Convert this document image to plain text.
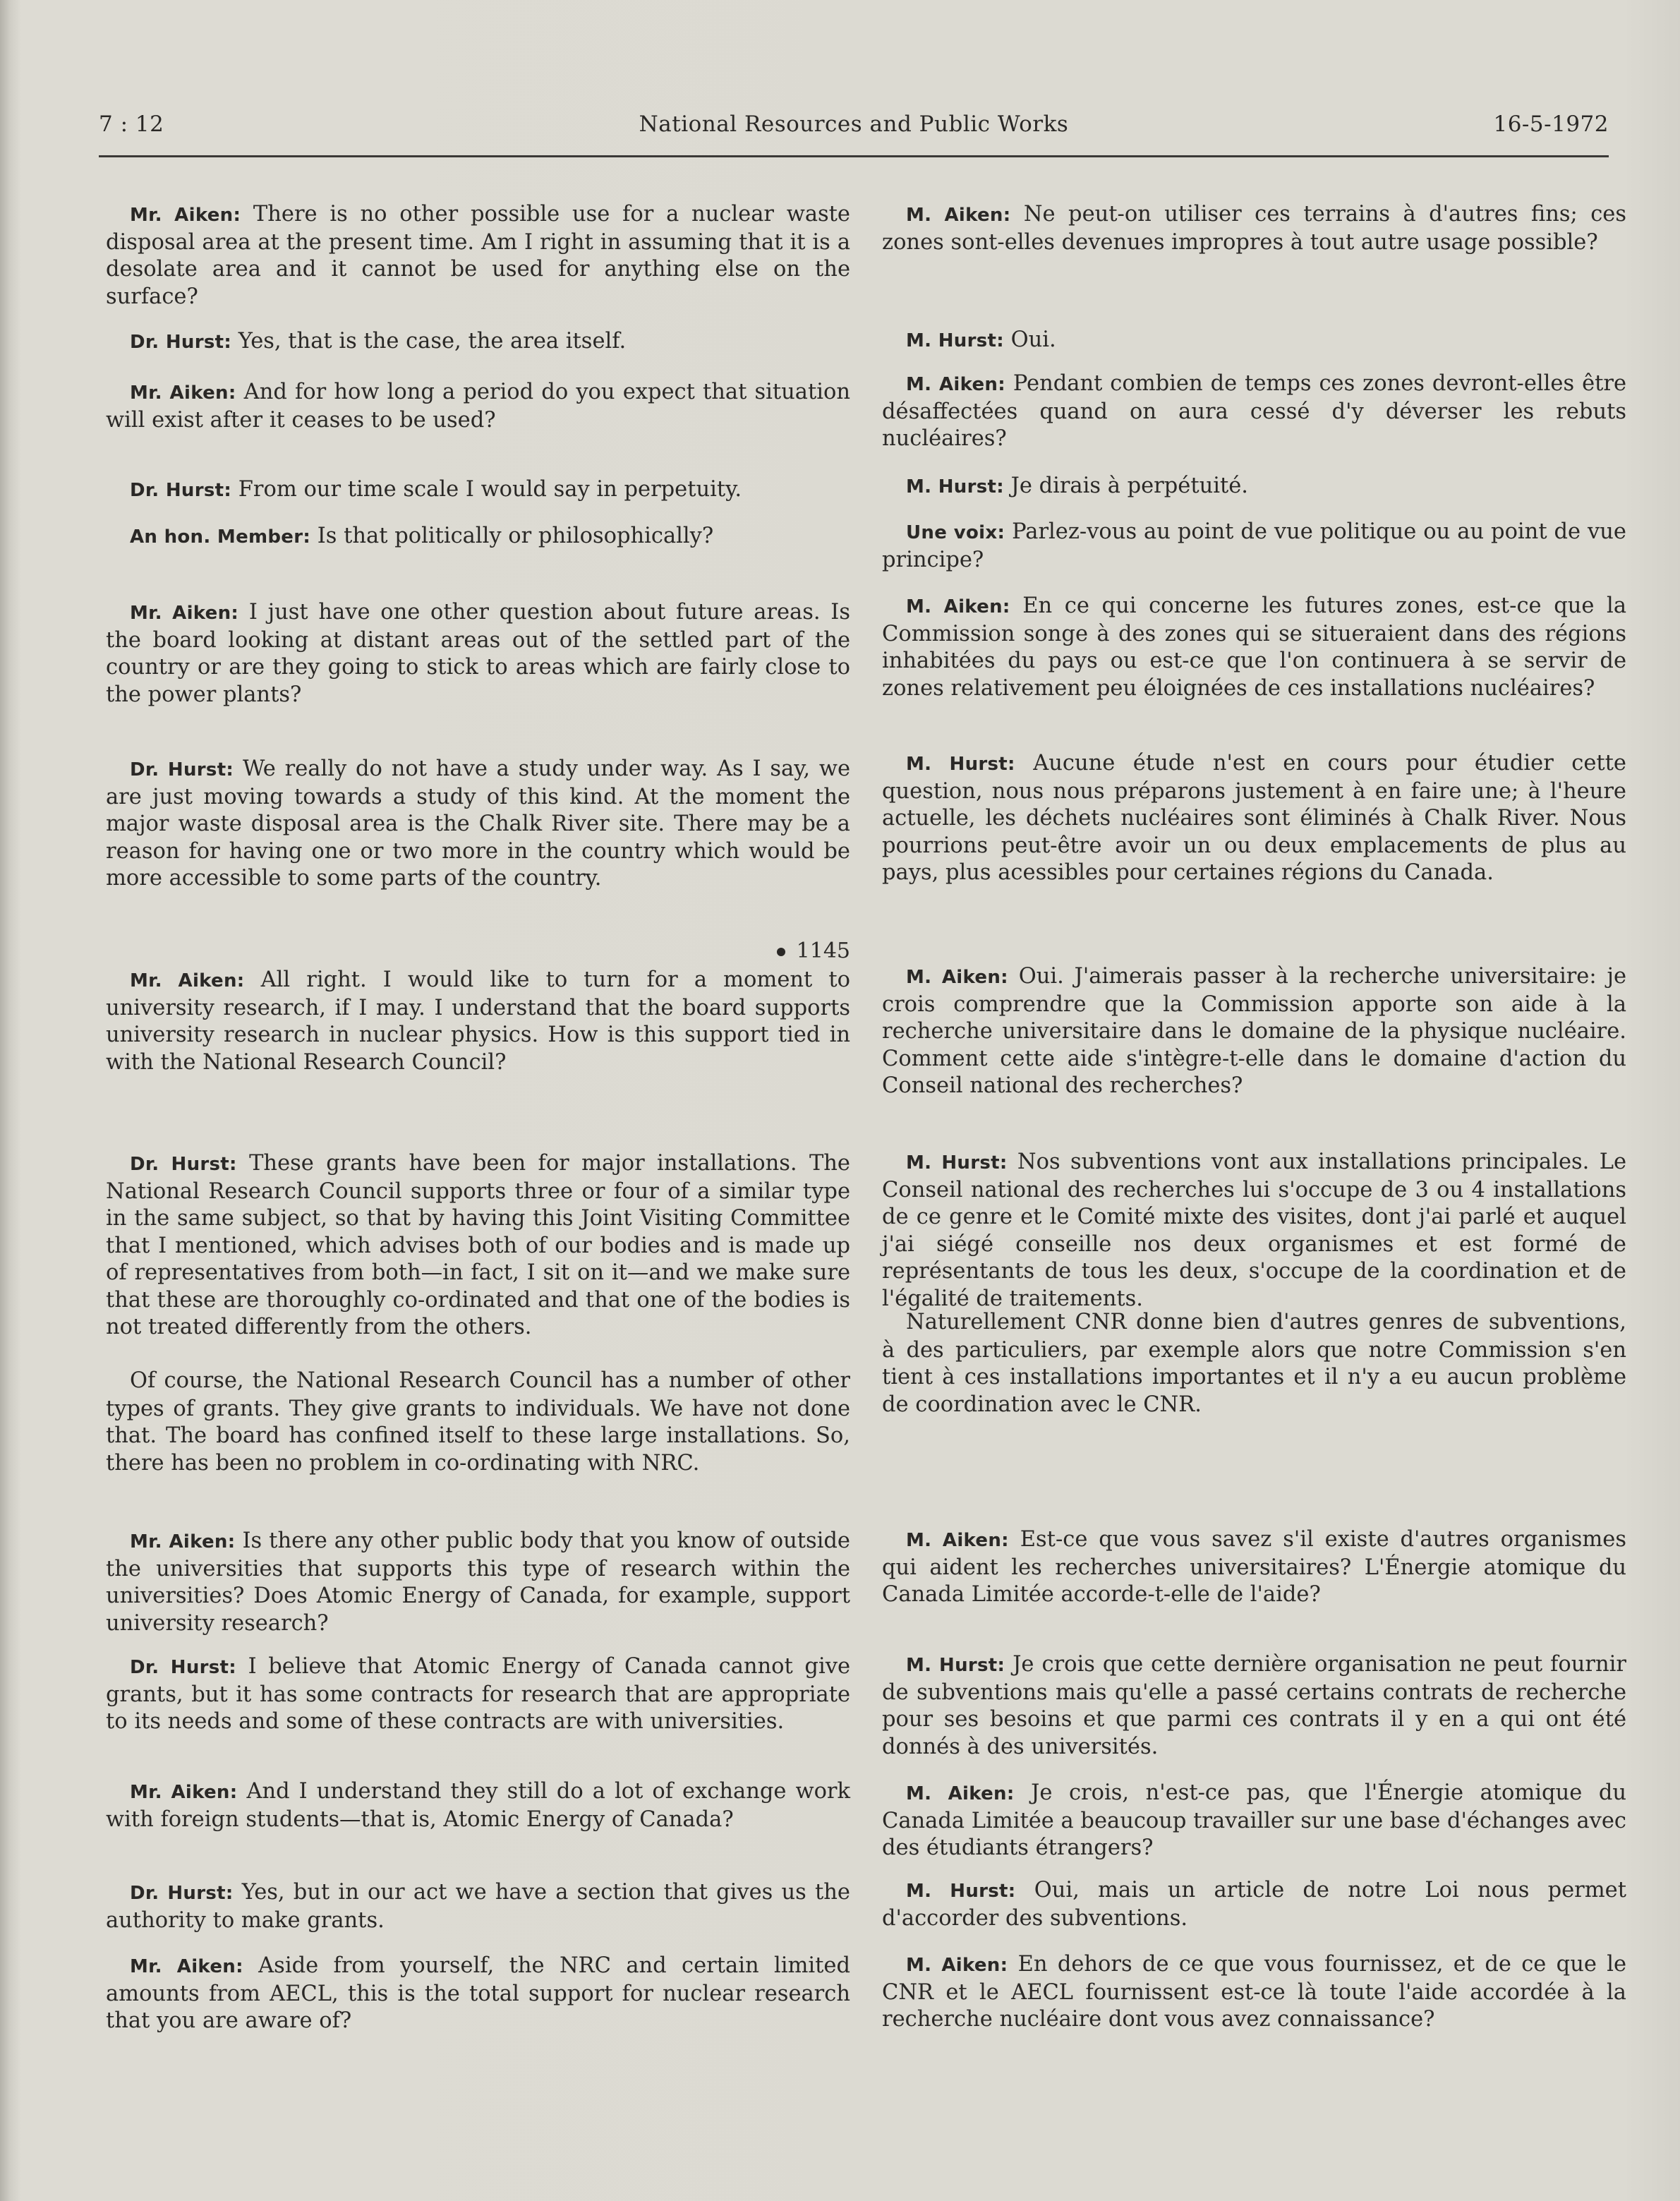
7 : 12	National Resources and Public Works	16-5-1972

Mr. Aiken: There is no other possible use for a nuclear waste disposal area at the present time. Am I right in assuming that it is a desolate area and it cannot be used for anything else on the surface?

Dr. Hurst: Yes, that is the case, the area itself.

Mr. Aiken: And for how long a period do you expect that situation will exist after it ceases to be used?

Dr. Hurst: From our time scale I would say in perpetuity.

An hon. Member: Is that politically or philosophically?

Mr. Aiken: I just have one other question about future areas. Is the board looking at distant areas out of the settled part of the country or are they going to stick to areas which are fairly close to the power plants?

Dr. Hurst: We really do not have a study under way. As I say, we are just moving towards a study of this kind. At the moment the major waste disposal area is the Chalk River site. There may be a reason for having one or two more in the country which would be more accessible to some parts of the country.

1145

Mr. Aiken: All right. I would like to turn for a moment to university research, if I may. I understand that the board supports university research in nuclear physics. How is this support tied in with the National Research Council?

Dr. Hurst: These grants have been for major installations. The National Research Council supports three or four of a similar type in the same subject, so that by having this Joint Visiting Committee that I mentioned, which advises both of our bodies and is made up of representatives from both—in fact, I sit on it—and we make sure that these are thoroughly co-ordinated and that one of the bodies is not treated differently from the others.

Of course, the National Research Council has a number of other types of grants. They give grants to individuals. We have not done that. The board has confined itself to these large installations. So, there has been no problem in co-ordinating with NRC.

Mr. Aiken: Is there any other public body that you know of outside the universities that supports this type of research within the universities? Does Atomic Energy of Canada, for example, support university research?

Dr. Hurst: I believe that Atomic Energy of Canada cannot give grants, but it has some contracts for research that are appropriate to its needs and some of these contracts are with universities.

Mr. Aiken: And I understand they still do a lot of exchange work with foreign students—that is, Atomic Energy of Canada?

Dr. Hurst: Yes, but in our act we have a section that gives us the authority to make grants.

Mr. Aiken: Aside from yourself, the NRC and certain limited amounts from AECL, this is the total support for nuclear research that you are aware of?

M. Aiken: Ne peut-on utiliser ces terrains à d'autres fins; ces zones sont-elles devenues impropres à tout autre usage possible?

M. Hurst: Oui.

M. Aiken: Pendant combien de temps ces zones devront-elles être désaffectées quand on aura cessé d'y déverser les rebuts nucléaires?

M. Hurst: Je dirais à perpétuité.

Une voix: Parlez-vous au point de vue politique ou au point de vue principe?

M. Aiken: En ce qui concerne les futures zones, est-ce que la Commission songe à des zones qui se situeraient dans des régions inhabitées du pays ou est-ce que l'on continuera à se servir de zones relativement peu éloignées de ces installations nucléaires?

M. Hurst: Aucune étude n'est en cours pour étudier cette question, nous nous préparons justement à en faire une; à l'heure actuelle, les déchets nucléaires sont éliminés à Chalk River. Nous pourrions peut-être avoir un ou deux emplacements de plus au pays, plus acessibles pour certaines régions du Canada.

M. Aiken: Oui. J'aimerais passer à la recherche universitaire: je crois comprendre que la Commission apporte son aide à la recherche universitaire dans le domaine de la physique nucléaire. Comment cette aide s'intègre-t-elle dans le domaine d'action du Conseil national des recherches?

M. Hurst: Nos subventions vont aux installations principales. Le Conseil national des recherches lui s'occupe de 3 ou 4 installations de ce genre et le Comité mixte des visites, dont j'ai parlé et auquel j'ai siégé conseille nos deux organismes et est formé de représentants de tous les deux, s'occupe de la coordination et de l'égalité de traitements.

Naturellement CNR donne bien d'autres genres de subventions, à des particuliers, par exemple alors que notre Commission s'en tient à ces installations importantes et il n'y a eu aucun problème de coordination avec le CNR.

M. Aiken: Est-ce que vous savez s'il existe d'autres organismes qui aident les recherches universitaires? L'Énergie atomique du Canada Limitée accorde-t-elle de l'aide?

M. Hurst: Je crois que cette dernière organisation ne peut fournir de subventions mais qu'elle a passé certains contrats de recherche pour ses besoins et que parmi ces contrats il y en a qui ont été donnés à des universités.

M. Aiken: Je crois, n'est-ce pas, que l'Énergie atomique du Canada Limitée a beaucoup travailler sur une base d'échanges avec des étudiants étrangers?

M. Hurst: Oui, mais un article de notre Loi nous permet d'accorder des subventions.

M. Aiken: En dehors de ce que vous fournissez, et de ce que le CNR et le AECL fournissent est-ce là toute l'aide accordée à la recherche nucléaire dont vous avez connaissance?
